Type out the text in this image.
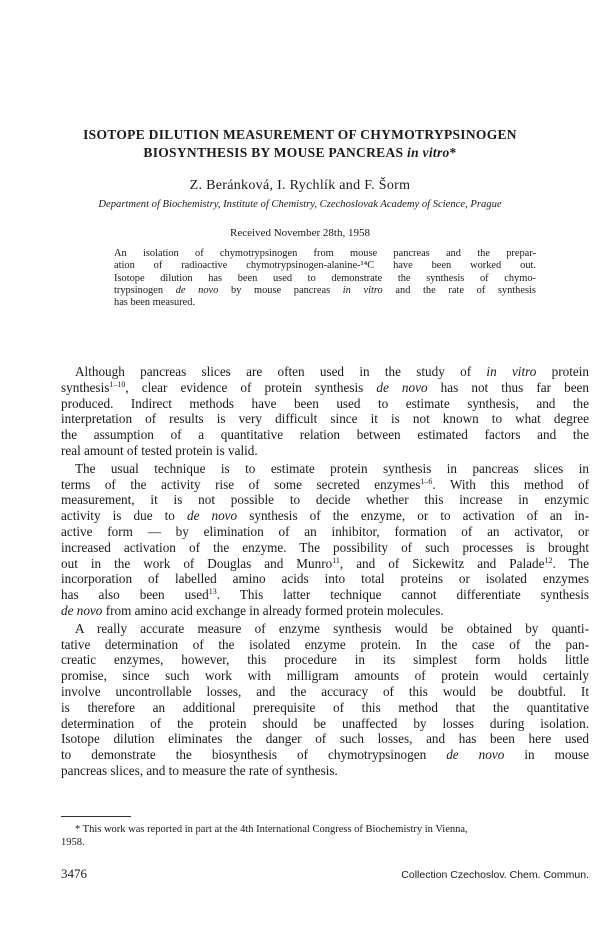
ISOTOPE DILUTION MEASUREMENT OF CHYMOTRYPSINOGEN
BIOSYNTHESIS BY MOUSE PANCREAS in vitro*
Z. Beránková, I. Rychlík and F. Šorm
Department of Biochemistry, Institute of Chemistry, Czechoslovak Academy of Science, Prague
Received November 28th, 1958
An isolation of chymotrypsinogen from mouse pancreas and the prepar-
ation of radioactive chymotrypsinogen-alanine-¹⁴C have been worked out.
Isotope dilution has been used to demonstrate the synthesis of chymo-
trypsinogen de novo by mouse pancreas in vitro and the rate of synthesis
has been measured.
Although pancreas slices are often used in the study of in vitro protein
synthesis$^{1-10}$, clear evidence of protein synthesis de novo has not thus far been
produced. Indirect methods have been used to estimate synthesis, and the
interpretation of results is very difficult since it is not known to what degree
the assumption of a quantitative relation between estimated factors and the
real amount of tested protein is valid.
The usual technique is to estimate protein synthesis in pancreas slices in
terms of the activity rise of some secreted enzymes$^{1-6}$. With this method of
measurement, it is not possible to decide whether this increase in enzymic
activity is due to de novo synthesis of the enzyme, or to activation of an in-
active form — by elimination of an inhibitor, formation of an activator, or
increased activation of the enzyme. The possibility of such processes is brought
out in the work of Douglas and Munro$^{11}$, and of Sickewitz and Palade$^{12}$. The
incorporation of labelled amino acids into total proteins or isolated enzymes
has also been used$^{13}$. This latter technique cannot differentiate synthesis
de novo from amino acid exchange in already formed protein molecules.
A really accurate measure of enzyme synthesis would be obtained by quanti-
tative determination of the isolated enzyme protein. In the case of the pan-
creatic enzymes, however, this procedure in its simplest form holds little
promise, since such work with milligram amounts of protein would certainly
involve uncontrollable losses, and the accuracy of this would be doubtful. It
is therefore an additional prerequisite of this method that the quantitative
determination of the protein should be unaffected by losses during isolation.
Isotope dilution eliminates the danger of such losses, and has been here used
to demonstrate the biosynthesis of chymotrypsinogen de novo in mouse
pancreas slices, and to measure the rate of synthesis.
* This work was reported in part at the 4th International Congress of Biochemistry in Vienna,
1958.
3476	Collection Czechoslov. Chem. Commun.
